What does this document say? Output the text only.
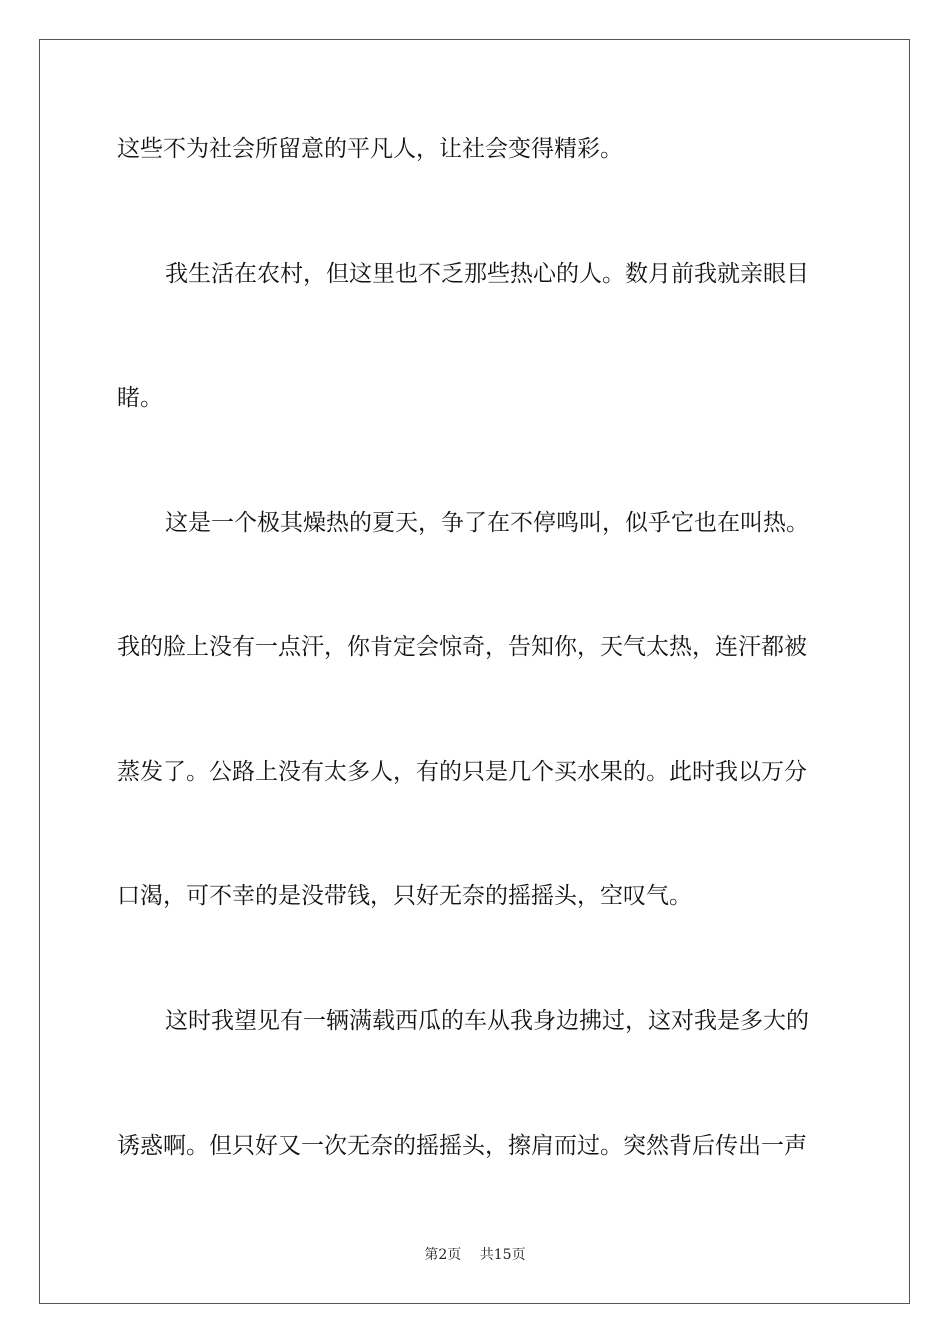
这些不为社会所留意的平凡人，让社会变得精彩。
我生活在农村，但这里也不乏那些热心的人。数月前我就亲眼目
睹。
这是一个极其燥热的夏天，争了在不停鸣叫，似乎它也在叫热。
我的脸上没有一点汗，你肯定会惊奇，告知你，天气太热，连汗都被
蒸发了。公路上没有太多人，有的只是几个买水果的。此时我以万分
口渴，可不幸的是没带钱，只好无奈的摇摇头，空叹气。
这时我望见有一辆满载西瓜的车从我身边拂过，这对我是多大的
诱惑啊。但只好又一次无奈的摇摇头，擦肩而过。突然背后传出一声
第2页 共15页
